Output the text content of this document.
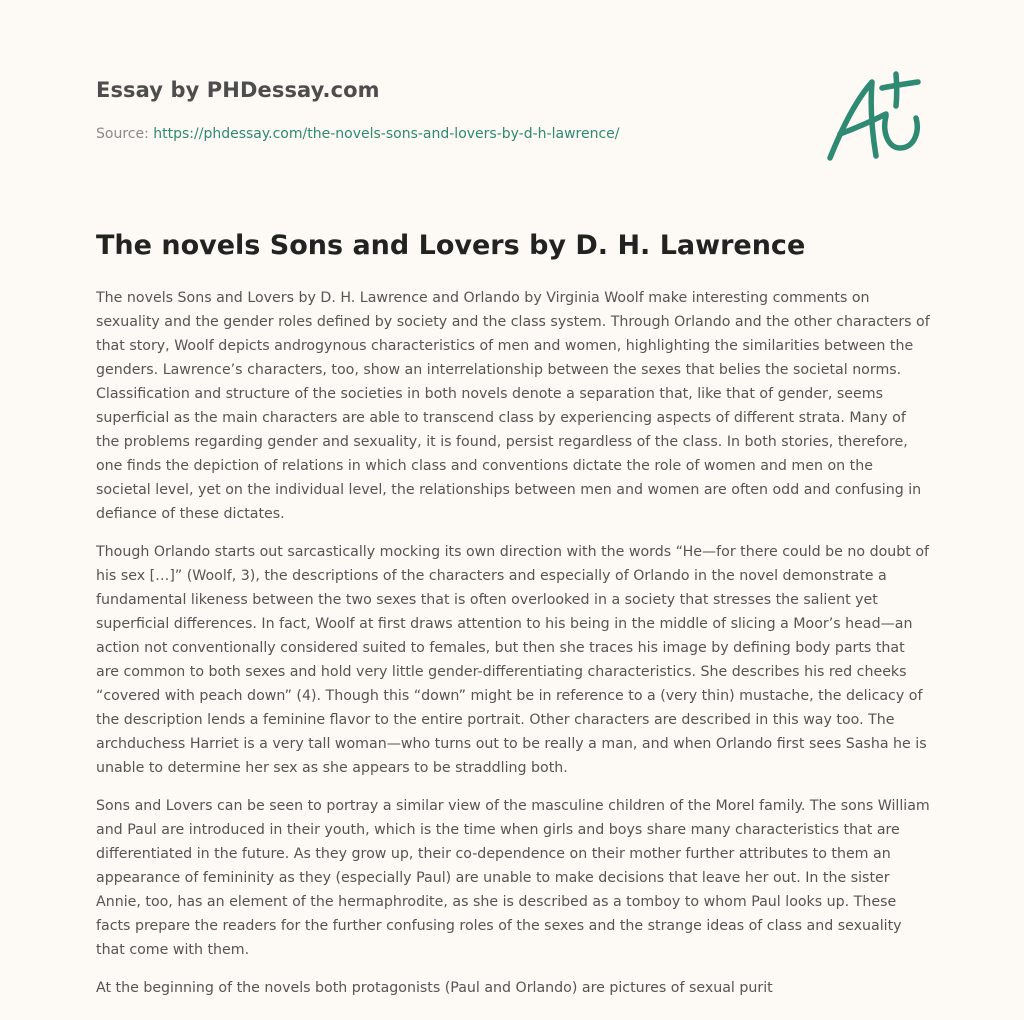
Essay by PHDessay.com
Source: https://phdessay.com/the-novels-sons-and-lovers-by-d-h-lawrence/
The novels Sons and Lovers by D. H. Lawrence

The novels Sons and Lovers by D. H. Lawrence and Orlando by Virginia Woolf make interesting comments on sexuality and the gender roles defined by society and the class system. Through Orlando and the other characters of that story, Woolf depicts androgynous characteristics of men and women, highlighting the similarities between the genders. Lawrence’s characters, too, show an interrelationship between the sexes that belies the societal norms. Classification and structure of the societies in both novels denote a separation that, like that of gender, seems superficial as the main characters are able to transcend class by experiencing aspects of different strata. Many of the problems regarding gender and sexuality, it is found, persist regardless of the class. In both stories, therefore, one finds the depiction of relations in which class and conventions dictate the role of women and men on the societal level, yet on the individual level, the relationships between men and women are often odd and confusing in defiance of these dictates.

Though Orlando starts out sarcastically mocking its own direction with the words “He—for there could be no doubt of his sex […]” (Woolf, 3), the descriptions of the characters and especially of Orlando in the novel demonstrate a fundamental likeness between the two sexes that is often overlooked in a society that stresses the salient yet superficial differences. In fact, Woolf at first draws attention to his being in the middle of slicing a Moor’s head—an action not conventionally considered suited to females, but then she traces his image by defining body parts that are common to both sexes and hold very little gender-differentiating characteristics. She describes his red cheeks “covered with peach down” (4). Though this “down” might be in reference to a (very thin) mustache, the delicacy of the description lends a feminine flavor to the entire portrait. Other characters are described in this way too. The archduchess Harriet is a very tall woman—who turns out to be really a man, and when Orlando first sees Sasha he is unable to determine her sex as she appears to be straddling both.

Sons and Lovers can be seen to portray a similar view of the masculine children of the Morel family. The sons William and Paul are introduced in their youth, which is the time when girls and boys share many characteristics that are differentiated in the future. As they grow up, their co-dependence on their mother further attributes to them an appearance of femininity as they (especially Paul) are unable to make decisions that leave her out. In the sister Annie, too, has an element of the hermaphrodite, as she is described as a tomboy to whom Paul looks up. These facts prepare the readers for the further confusing roles of the sexes and the strange ideas of class and sexuality that come with them.

At the beginning of the novels both protagonists (Paul and Orlando) are pictures of sexual purit
